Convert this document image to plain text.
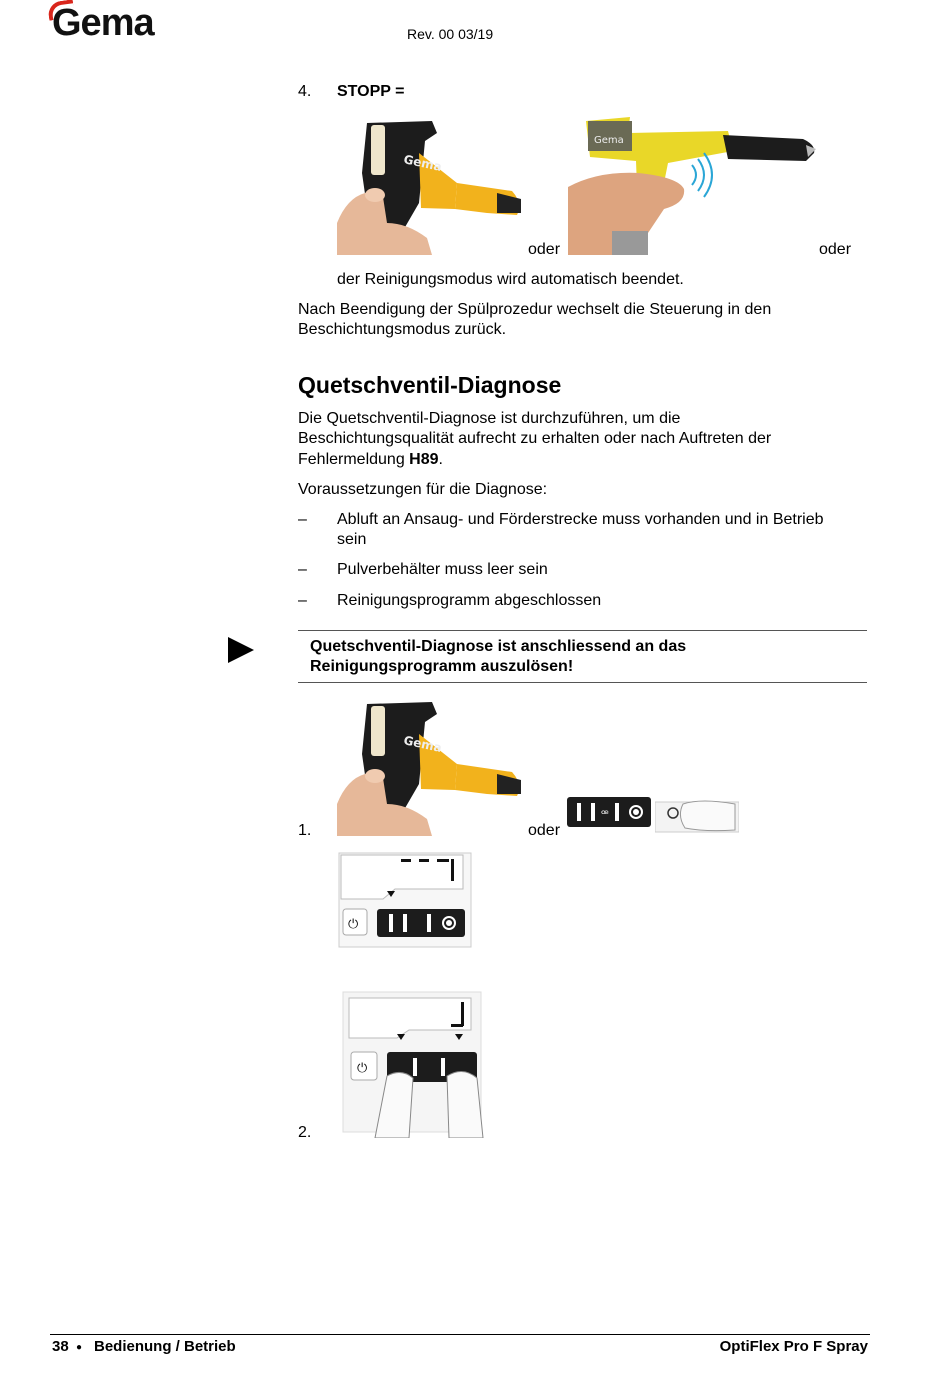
Gema	Rev. 00 03/19
4. STOPP =
Gema
oder
Gema
oder
der Reinigungsmodus wird automatisch beendet.
Nach Beendigung der Spülprozedur wechselt die Steuerung in den
Beschichtungsmodus zurück.
Quetschventil-Diagnose
Die Quetschventil-Diagnose ist durchzuführen, um die
Beschichtungsqualität aufrecht zu erhalten oder nach Auftreten der
Fehlermeldung H89.
Voraussetzungen für die Diagnose:
– Abluft an Ansaug- und Förderstrecke muss vorhanden und in Betrieb
sein
– Pulverbehälter muss leer sein
– Reinigungsprogramm abgeschlossen
Quetschventil-Diagnose ist anschliessend an das
Reinigungsprogramm auszulösen!
Gema
1.	oder
ꟹ
⏻
⏻
2.
38 ● Bedienung / Betrieb	OptiFlex Pro F Spray
